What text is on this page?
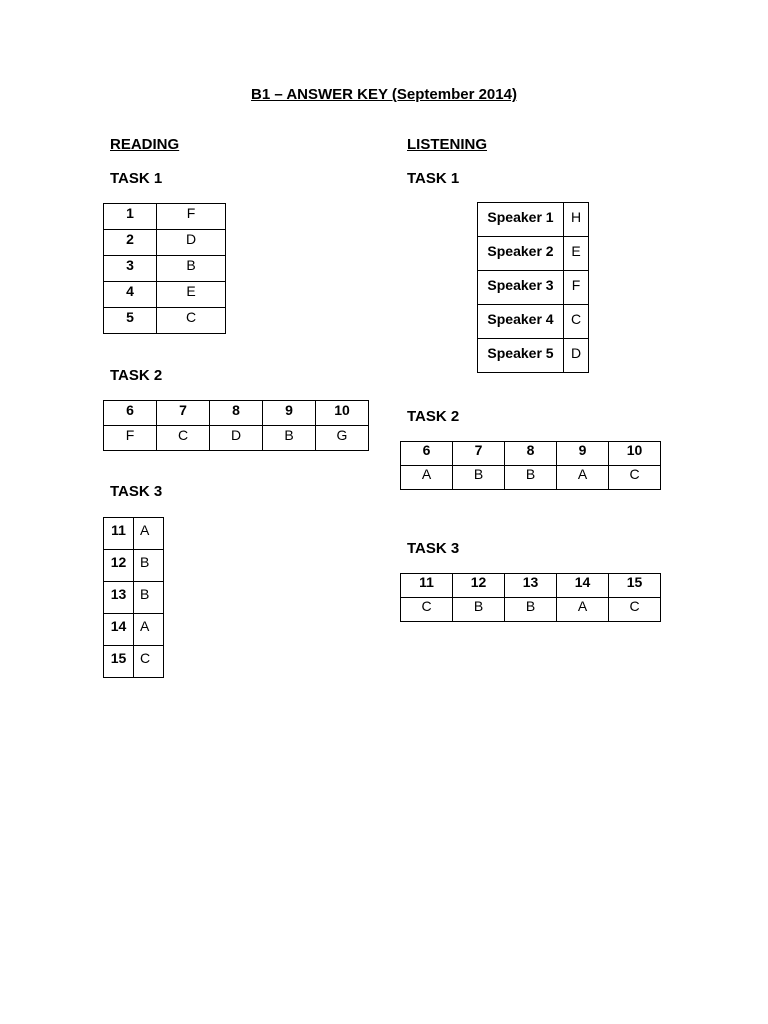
B1 – ANSWER KEY (September 2014)
READING
TASK 1
1	F
2	D
3	B
4	E
5	C
TASK 2
6	7	8	9	10
F	C	D	B	G
TASK 3
11	A
12	B
13	B
14	A
15	C
LISTENING
TASK 1
Speaker 1	H
Speaker 2	E
Speaker 3	F
Speaker 4	C
Speaker 5	D
TASK 2
6	7	8	9	10
A	B	B	A	C
TASK 3
11	12	13	14	15
C	B	B	A	C
